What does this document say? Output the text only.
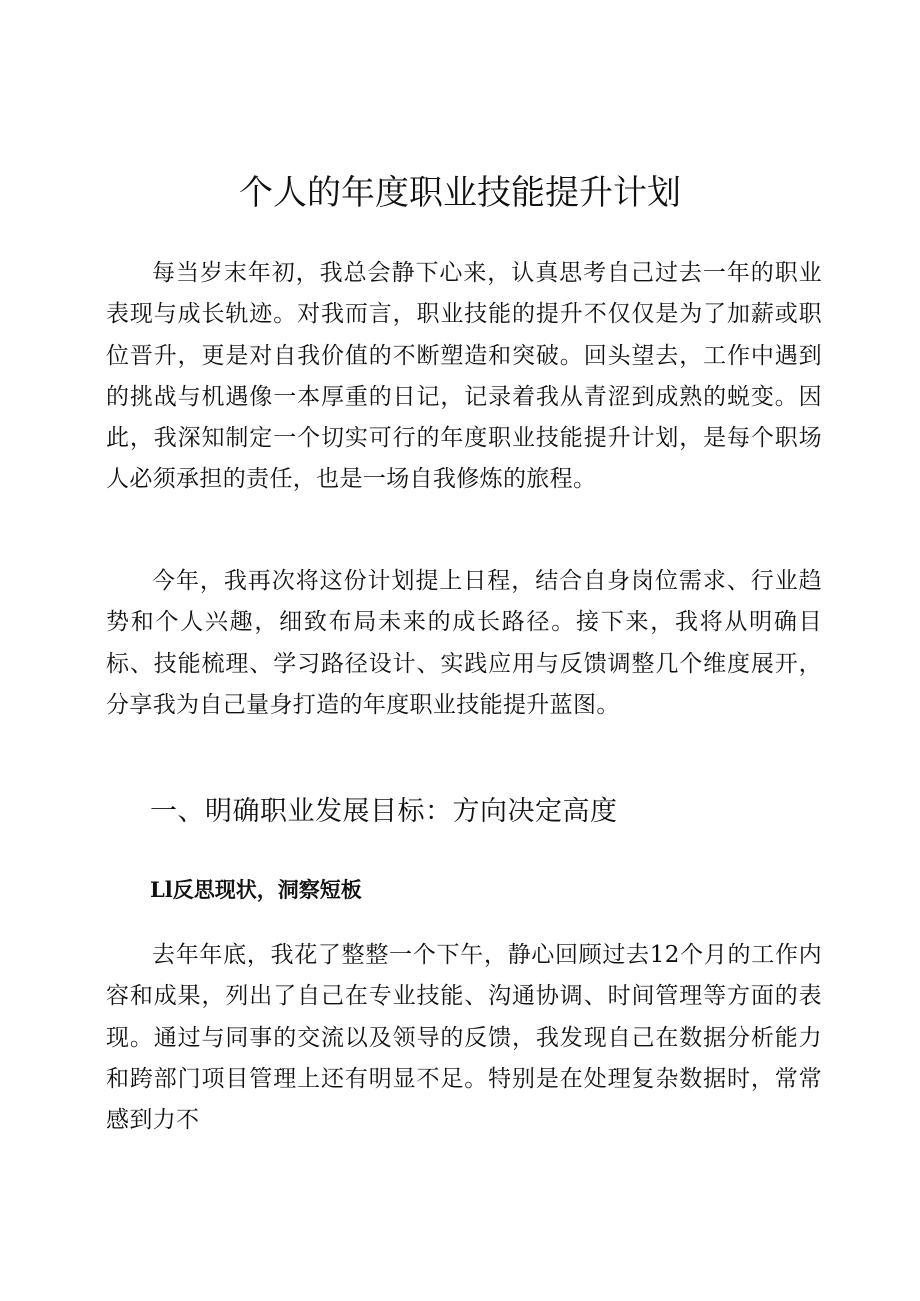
个人的年度职业技能提升计划

每当岁末年初，我总会静下心来，认真思考自己过去一年的职业表现与成长轨迹。对我而言，职业技能的提升不仅仅是为了加薪或职位晋升，更是对自我价值的不断塑造和突破。回头望去，工作中遇到的挑战与机遇像一本厚重的日记，记录着我从青涩到成熟的蜕变。因此，我深知制定一个切实可行的年度职业技能提升计划，是每个职场人必须承担的责任，也是一场自我修炼的旅程。

今年，我再次将这份计划提上日程，结合自身岗位需求、行业趋势和个人兴趣，细致布局未来的成长路径。接下来，我将从明确目标、技能梳理、学习路径设计、实践应用与反馈调整几个维度展开，分享我为自己量身打造的年度职业技能提升蓝图。

一、明确职业发展目标：方向决定高度
Ll反思现状，洞察短板

去年年底，我花了整整一个下午，静心回顾过去12个月的工作内容和成果，列出了自己在专业技能、沟通协调、时间管理等方面的表现。通过与同事的交流以及领导的反馈，我发现自己在数据分析能力和跨部门项目管理上还有明显不足。特别是在处理复杂数据时，常常感到力不
